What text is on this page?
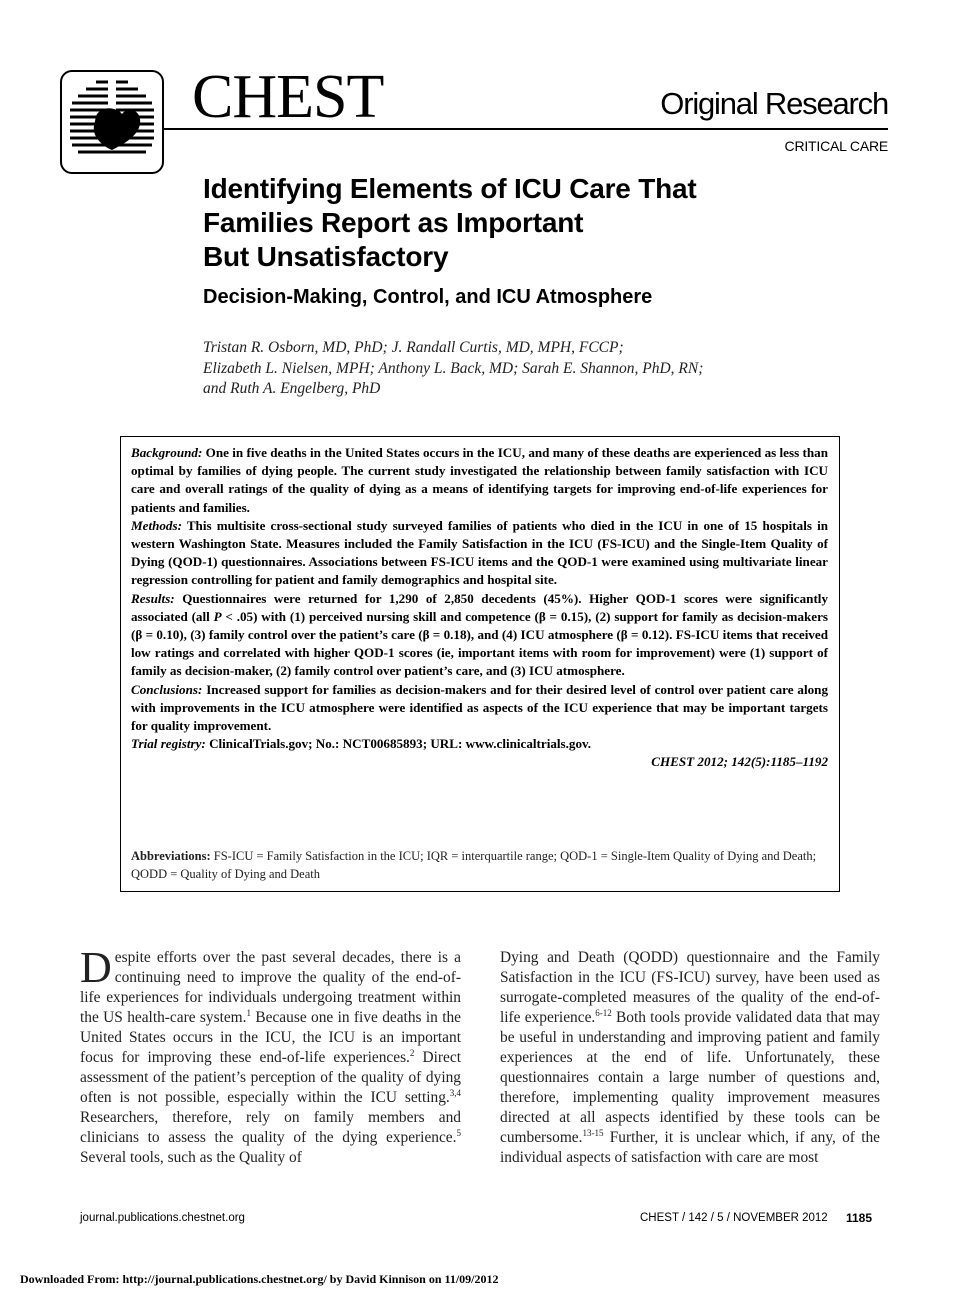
CHEST	Original Research
CRITICAL CARE
Identifying Elements of ICU Care That
Families Report as Important
But Unsatisfactory
Decision-Making, Control, and ICU Atmosphere
Tristan R. Osborn, MD, PhD; J. Randall Curtis, MD, MPH, FCCP;
Elizabeth L. Nielsen, MPH; Anthony L. Back, MD; Sarah E. Shannon, PhD, RN;
and Ruth A. Engelberg, PhD

Background: One in five deaths in the United States occurs in the ICU, and many of these deaths are experienced as less than optimal by families of dying people. The current study investigated the relationship between family satisfaction with ICU care and overall ratings of the quality of dying as a means of identifying targets for improving end-of-life experiences for patients and families.

Methods: This multisite cross-sectional study surveyed families of patients who died in the ICU in one of 15 hospitals in western Washington State. Measures included the Family Satisfaction in the ICU (FS-ICU) and the Single-Item Quality of Dying (QOD-1) questionnaires. Associations between FS-ICU items and the QOD-1 were examined using multivariate linear regression controlling for patient and family demographics and hospital site.

Results: Questionnaires were returned for 1,290 of 2,850 decedents (45%). Higher QOD-1 scores were significantly associated (all P < .05) with (1) perceived nursing skill and competence (β = 0.15), (2) support for family as decision-makers (β = 0.10), (3) family control over the patient’s care (β = 0.18), and (4) ICU atmosphere (β = 0.12). FS-ICU items that received low ratings and correlated with higher QOD-1 scores (ie, important items with room for improvement) were (1) support of family as decision-maker, (2) family control over patient’s care, and (3) ICU atmosphere.

Conclusions: Increased support for families as decision-makers and for their desired level of control over patient care along with improvements in the ICU atmosphere were identified as aspects of the ICU experience that may be important targets for quality improvement.

Trial registry: ClinicalTrials.gov; No.: NCT00685893; URL: www.clinicaltrials.gov.

CHEST 2012; 142(5):1185–1192

Abbreviations: FS-ICU = Family Satisfaction in the ICU; IQR = interquartile range; QOD-1 = Single-Item Quality of Dying and Death; QODD = Quality of Dying and Death
Despite efforts over the past several decades, there is a continuing need to improve the quality of the end-of-life experiences for individuals undergoing treatment within the US health-care system.$^1$ Because one in five deaths in the United States occurs in the ICU, the ICU is an important focus for improving these end-of-life experiences.$^2$ Direct assessment of the patient’s perception of the quality of dying often is not possible, especially within the ICU setting.$^{3,4}$ Researchers, therefore, rely on family members and clinicians to assess the quality of the dying experience.$^5$ Several tools, such as the Quality of
Dying and Death (QODD) questionnaire and the Family Satisfaction in the ICU (FS-ICU) survey, have been used as surrogate-completed measures of the quality of the end-of-life experience.$^{6-12}$ Both tools provide validated data that may be useful in understanding and improving patient and family experiences at the end of life. Unfortunately, these questionnaires contain a large number of questions and, therefore, implementing quality improvement measures directed at all aspects identified by these tools can be cumbersome.$^{13-15}$ Further, it is unclear which, if any, of the individual aspects of satisfaction with care are most
journal.publications.chestnet.org	CHEST / 142 / 5 / NOVEMBER 2012 1185
Downloaded From: http://journal.publications.chestnet.org/ by David Kinnison on 11/09/2012
